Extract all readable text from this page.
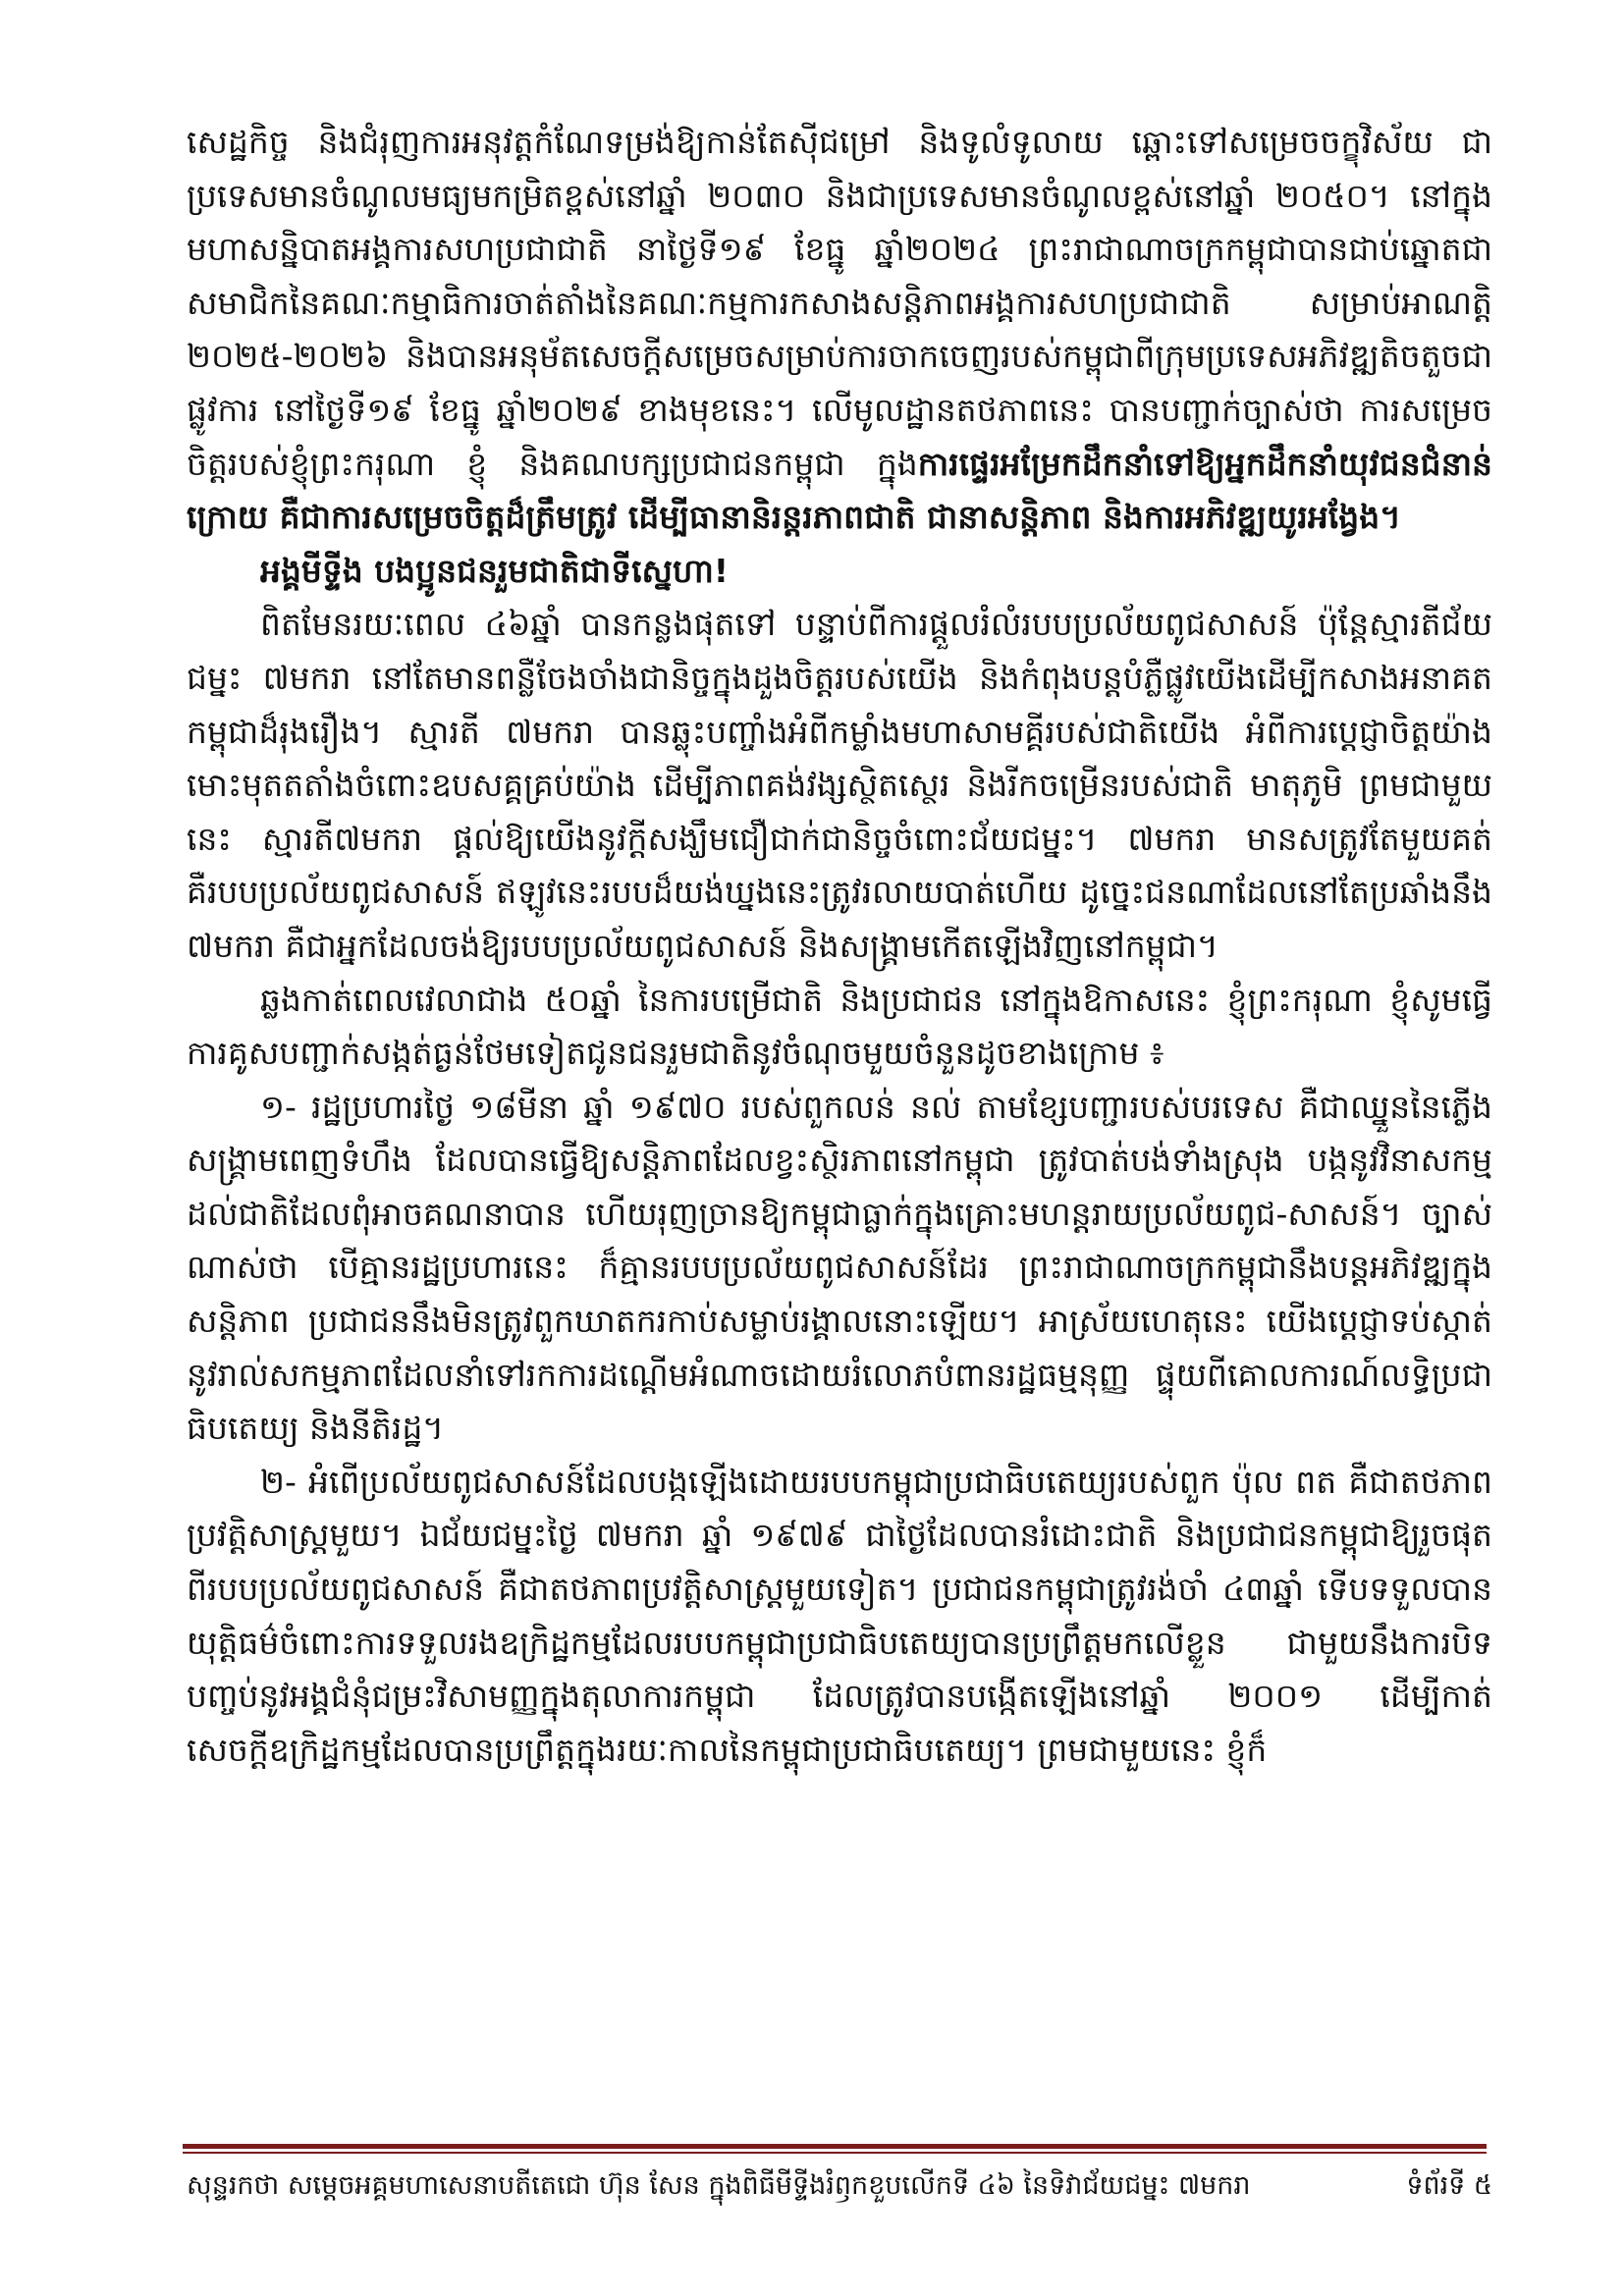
សេដ្ឋកិច្ច និងជំរុញការអនុវត្តកំណែទម្រង់ឱ្យកាន់តែស៊ីជម្រៅ និងទូលំទូលាយ ឆ្ពោះទៅសម្រេចចក្ខុវិស័យ ជាប្រទេសមានចំណូលមធ្យមកម្រិតខ្ពស់នៅឆ្នាំ ២០៣០ និងជាប្រទេសមានចំណូលខ្ពស់នៅឆ្នាំ ២០៥០។ នៅក្នុងមហាសន្និបាតអង្គការសហប្រជាជាតិ នាថ្ងៃទី១៩ ខែធ្នូ ឆ្នាំ២០២៤ ព្រះរាជាណាចក្រកម្ពុជាបានជាប់ឆ្នោតជាសមាជិកនៃគណៈកម្មាធិការចាត់តាំងនៃគណៈកម្មការកសាងសន្តិភាពអង្គការសហប្រជាជាតិ សម្រាប់អាណត្តិ ២០២៥-២០២៦ និងបានអនុម័តសេចក្តីសម្រេចសម្រាប់ការចាកចេញរបស់កម្ពុជាពីក្រុមប្រទេសអភិវឌ្ឍតិចតួចជាផ្លូវការ នៅថ្ងៃទី១៩ ខែធ្នូ ឆ្នាំ២០២៩ ខាងមុខនេះ។ លើមូលដ្ឋានតថភាពនេះ បានបញ្ជាក់ច្បាស់ថា ការសម្រេចចិត្តរបស់ខ្ញុំព្រះករុណា ខ្ញុំ និងគណបក្សប្រជាជនកម្ពុជា ក្នុងការផ្ទេរអម្រែកដឹកនាំទៅឱ្យអ្នកដឹកនាំយុវជនជំនាន់ក្រោយ គឺជាការសម្រេចចិត្តដ៏ត្រឹមត្រូវ ដើម្បីធានានិរន្តរភាពជាតិ ជានាសន្តិភាព និងការអភិវឌ្ឍយូរអង្វែង។

អង្គមីទ្ទីង បងប្អូនជនរួមជាតិជាទីស្នេហា!

ពិតមែនរយៈពេល ៤៦ឆ្នាំ បានកន្លងផុតទៅ បន្ទាប់ពីការផ្តួលរំលំរបបប្រល័យពូជសាសន៍ ប៉ុន្តែស្មារតីជ័យជម្នះ ៧មករា នៅតែមានពន្លឺចែងចាំងជានិច្ចក្នុងដួងចិត្តរបស់យើង និងកំពុងបន្តបំភ្លឺផ្លូវយើងដើម្បីកសាងអនាគតកម្ពុជាដ៏រុងរឿង។ ស្មារតី ៧មករា បានឆ្លុះបញ្ចាំងអំពីកម្លាំងមហាសាមគ្គីរបស់ជាតិយើង អំពីការប្តេជ្ញាចិត្តយ៉ាងមោះមុតតតាំងចំពោះឧបសគ្គគ្រប់យ៉ាង ដើម្បីភាពគង់វង្សស្ថិតស្ថេរ និងរីកចម្រើនរបស់ជាតិ មាតុភូមិ ព្រមជាមួយនេះ ស្មារតី៧មករា ផ្តល់ឱ្យយើងនូវក្តីសង្ឃឹមជឿជាក់ជានិច្ចចំពោះជ័យជម្នះ។ ៧មករា មានសត្រូវតែមួយគត់ គឺរបបប្រល័យពូជសាសន៍ ឥឡូវនេះរបបដ៏យង់ឃ្នងនេះត្រូវរលាយបាត់ហើយ ដូច្នេះជនណាដែលនៅតែប្រឆាំងនឹង ៧មករា គឺជាអ្នកដែលចង់ឱ្យរបបប្រល័យពូជសាសន៍ និងសង្គ្រាមកើតឡើងវិញនៅកម្ពុជា។

ឆ្លងកាត់ពេលវេលាជាង ៥០ឆ្នាំ នៃការបម្រើជាតិ និងប្រជាជន នៅក្នុងឱកាសនេះ ខ្ញុំព្រះករុណា ខ្ញុំសូមធ្វើការគូសបញ្ជាក់សង្កត់ធ្ងន់ថែមទៀតជូនជនរួមជាតិនូវចំណុចមួយចំនួនដូចខាងក្រោម ៖

១- រដ្ឋប្រហារថ្ងៃ ១៨មីនា ឆ្នាំ ១៩៧០ របស់ពួកលន់ នល់ តាមខ្សែបញ្ជារបស់បរទេស គឺជាឈ្នួននៃភ្លើងសង្គ្រាមពេញទំហឹង ដែលបានធ្វើឱ្យសន្តិភាពដែលខ្វះស្ថិរភាពនៅកម្ពុជា ត្រូវបាត់បង់ទាំងស្រុង បង្កនូវវិនាសកម្មដល់ជាតិដែលពុំអាចគណនាបាន ហើយរុញច្រានឱ្យកម្ពុជាធ្លាក់ក្នុងគ្រោះមហន្តរាយប្រល័យពូជ-សាសន៍។ ច្បាស់ណាស់ថា បើគ្មានរដ្ឋប្រហារនេះ ក៏គ្មានរបបប្រល័យពូជសាសន៍ដែរ ព្រះរាជាណាចក្រកម្ពុជានឹងបន្តអភិវឌ្ឍក្នុងសន្តិភាព ប្រជាជននឹងមិនត្រូវពួកឃាតករកាប់សម្លាប់រង្គាលនោះឡើយ។ អាស្រ័យហេតុនេះ យើងប្តេជ្ញាទប់ស្កាត់នូវរាល់សកម្មភាពដែលនាំទៅរកការដណ្តើមអំណាចដោយរំលោភបំពានរដ្ឋធម្មនុញ្ញ ផ្ទុយពីគោលការណ៍លទ្ធិប្រជាធិបតេយ្យ និងនីតិរដ្ឋ។

២- អំពើប្រល័យពូជសាសន៍ដែលបង្កឡើងដោយរបបកម្ពុជាប្រជាធិបតេយ្យរបស់ពួក ប៉ុល ពត គឺជាតថភាពប្រវត្តិសាស្ត្រមួយ។ ឯជ័យជម្នះថ្ងៃ ៧មករា ឆ្នាំ ១៩៧៩ ជាថ្ងៃដែលបានរំដោះជាតិ និងប្រជាជនកម្ពុជាឱ្យរួចផុតពីរបបប្រល័យពូជសាសន៍ គឺជាតថភាពប្រវត្តិសាស្ត្រមួយទៀត។ ប្រជាជនកម្ពុជាត្រូវរង់ចាំ ៤៣ឆ្នាំ ទើបទទួលបានយុត្តិធម៌ចំពោះការទទួលរងឧក្រិដ្ឋកម្មដែលរបបកម្ពុជាប្រជាធិបតេយ្យបានប្រព្រឹត្តមកលើខ្លួន ជាមួយនឹងការបិទបញ្ចប់នូវអង្គជំនុំជម្រះវិសាមញ្ញក្នុងតុលាការកម្ពុជា ដែលត្រូវបានបង្កើតឡើងនៅឆ្នាំ ២០០១ ដើម្បីកាត់សេចក្តីឧក្រិដ្ឋកម្មដែលបានប្រព្រឹត្តក្នុងរយៈកាលនៃកម្ពុជាប្រជាធិបតេយ្យ។ ព្រមជាមួយនេះ ខ្ញុំក៏

សុន្ទរកថា សម្តេចអគ្គមហាសេនាបតីតេជោ ហ៊ុន សែន ក្នុងពិធីមីទ្ទីងរំឭកខួបលើកទី ៤៦ នៃទិវាជ័យជម្នះ ៧មករា	ទំព័រទី ៥
